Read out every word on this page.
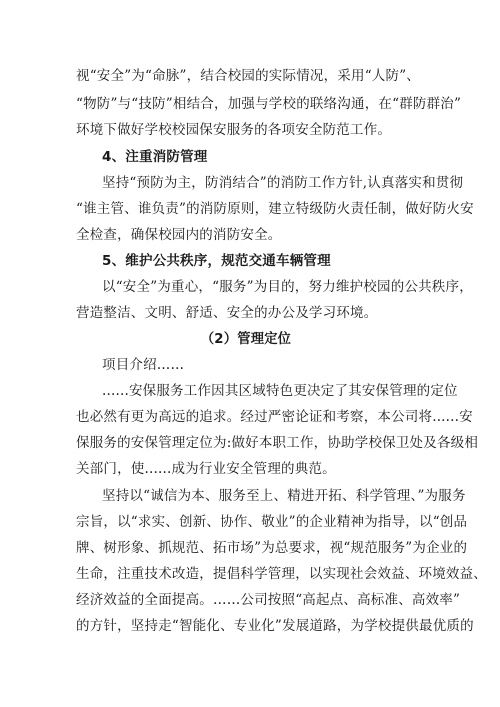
视“安全”为“命脉”，结合校园的实际情况，采用“人防”、
“物防”与“技防”相结合，加强与学校的联络沟通，在“群防群治”
环境下做好学校校园保安服务的各项安全防范工作。
4、注重消防管理
坚持“预防为主，防消结合”的消防工作方针,认真落实和贯彻
“谁主管、谁负责”的消防原则，建立特级防火责任制，做好防火安
全检查，确保校园内的消防安全。
5、维护公共秩序，规范交通车辆管理
以“安全”为重心，“服务”为目的，努力维护校园的公共秩序，
营造整洁、文明、舒适、安全的办公及学习环境。
（2）管理定位
项目介绍……
......安保服务工作因其区域特色更决定了其安保管理的定位
也必然有更为高远的追求。经过严密论证和考察，本公司将......安
保服务的安保管理定位为:做好本职工作，协助学校保卫处及各级相
关部门，使......成为行业安全管理的典范。
坚持以“诚信为本、服务至上、精进开拓、科学管理、”为服务
宗旨，以“求实、创新、协作、敬业”的企业精神为指导，以“创品
牌、树形象、抓规范、拓市场”为总要求，视“规范服务”为企业的
生命，注重技术改造，提倡科学管理，以实现社会效益、环境效益、
经济效益的全面提高。……公司按照“高起点、高标准、高效率”
的方针，坚持走“智能化、专业化”发展道路，为学校提供最优质的
